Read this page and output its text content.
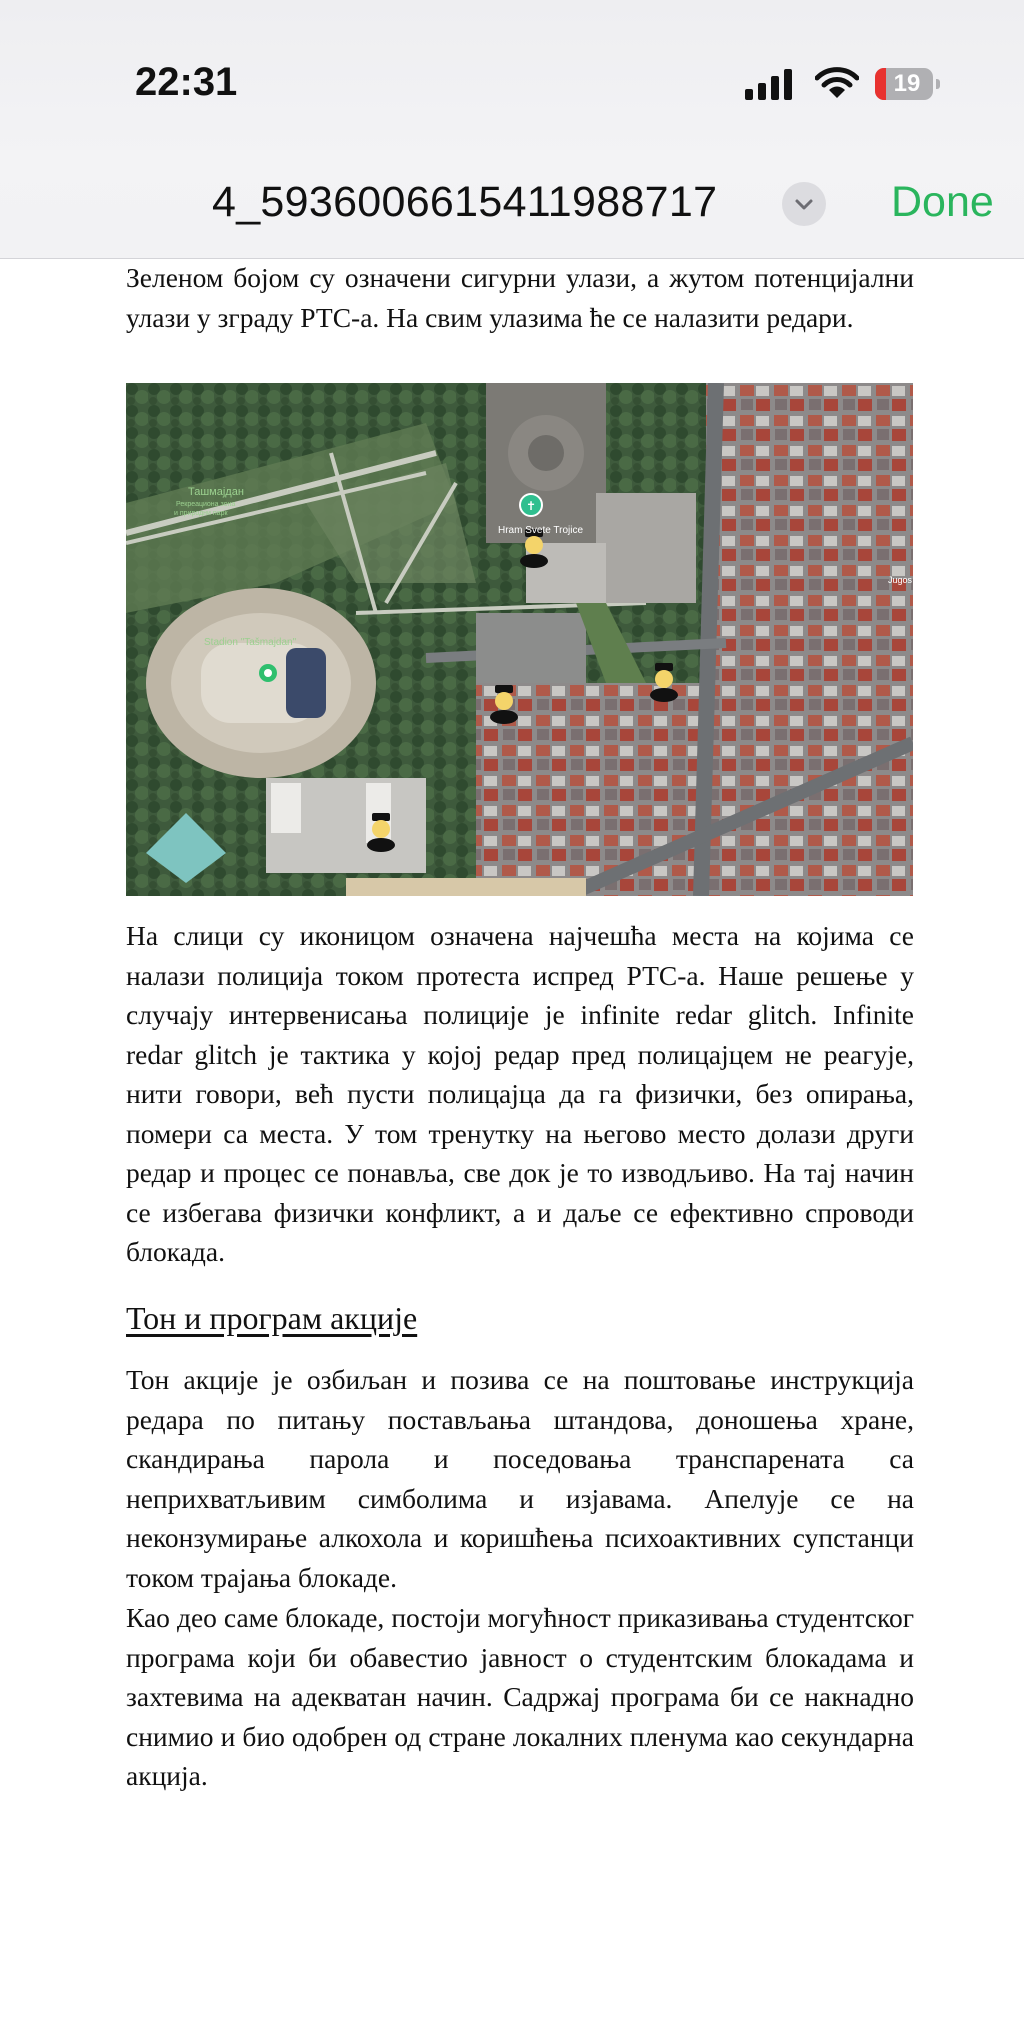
22:31	19
4_5936006615411988717	Done
Зеленом бојом су означени сигурни улази, а жутом потенцијални улази у зграду РТС-а. На свим улазима ће се налазити редари.
✝
Ташмајдан
Рекреациона зона
и природни парк
Hram Svete Trojice
Stadion "Tašmajdan"
Jugos
На слици су иконицом означена најчешћа места на којима се налази полиција током протеста испред РТС-а. Наше решење у случају интервенисања полиције је infinite redar glitch. Infinite redar glitch је тактика у којој редар пред полицајцем не реагује, нити говори, већ пусти полицајца да га физички, без опирања, помери са места. У том тренутку на његово место долази други редар и процес се понавља, све док је то изводљиво. На тај начин се избегава физички конфликт, а и даље се ефективно спроводи блокада.
Тон и програм акције
Тон акције је озбиљан и позива се на поштовање инструкција редара по питању постављања штандова, доношења хране, скандирања парола и поседовања транспарената са неприхватљивим симболима и изјавама. Апелује се на неконзумирање алкохола и коришћења психоактивних супстанци током трајања блокаде.
Као део саме блокаде, постоји могућност приказивања студентског програма који би обавестио јавност о студентским блокадама и захтевима на адекватан начин. Садржај програма би се накнадно снимио и био одобрен од стране локалних пленума као секундарна акција.
